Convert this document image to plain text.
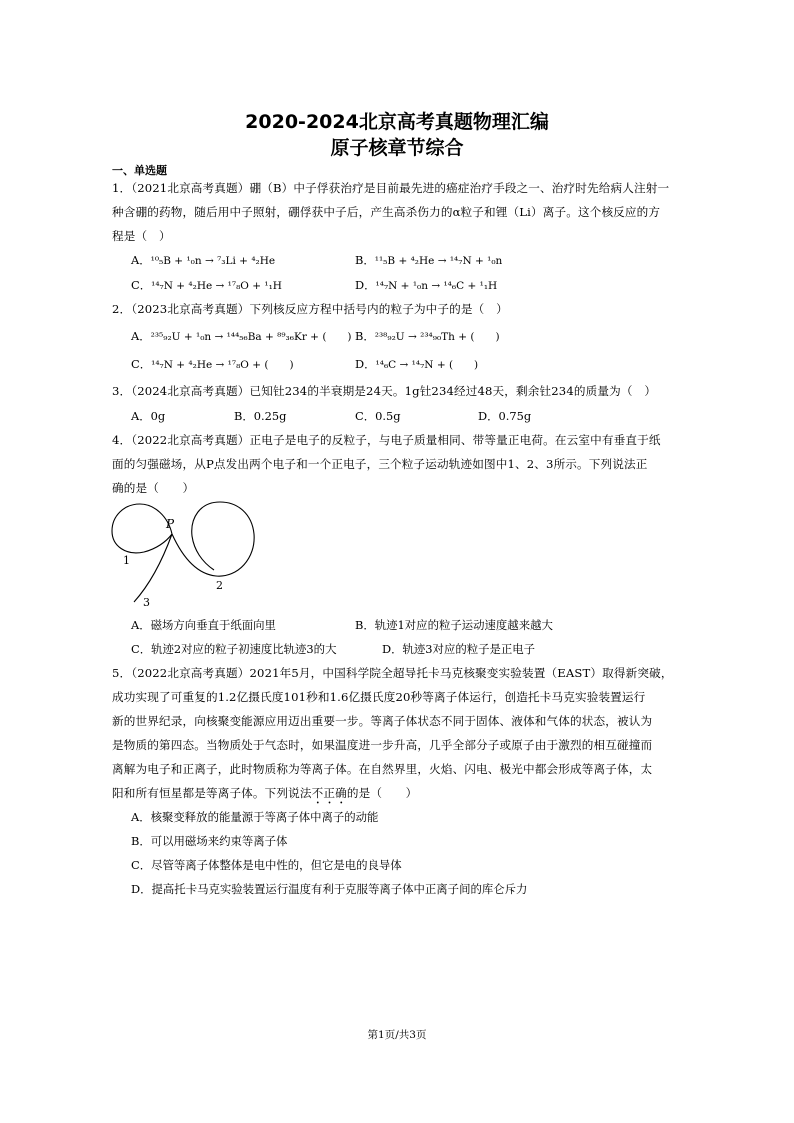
2020-2024北京高考真题物理汇编
原子核章节综合
一、单选题
1．（2021北京高考真题）硼（B）中子俘获治疗是目前最先进的癌症治疗手段之一、治疗时先给病人注射一
种含硼的药物，随后用中子照射，硼俘获中子后，产生高杀伤力的α粒子和锂（Li）离子。这个核反应的方
程是（　）
A．¹⁰₅B + ¹₀n → ⁷₃Li + ⁴₂He	B．¹¹₅B + ⁴₂He → ¹⁴₇N + ¹₀n
C．¹⁴₇N + ⁴₂He → ¹⁷₈O + ¹₁H	D．¹⁴₇N + ¹₀n → ¹⁴₆C + ¹₁H
2．（2023北京高考真题）下列核反应方程中括号内的粒子为中子的是（　）
A．²³⁵₉₂U + ¹₀n → ¹⁴⁴₅₆Ba + ⁸⁹₃₆Kr + (　　) B．²³⁸₉₂U → ²³⁴₉₀Th + (　　)
C．¹⁴₇N + ⁴₂He → ¹⁷₈O + (　　)	D．¹⁴₆C → ¹⁴₇N + (　　)
3．（2024北京高考真题）已知钍234的半衰期是24天。1g钍234经过48天，剩余钍234的质量为（　）
A．0g	B．0.25g	C．0.5g	D．0.75g
4．（2022北京高考真题）正电子是电子的反粒子，与电子质量相同、带等量正电荷。在云室中有垂直于纸
面的匀强磁场，从P点发出两个电子和一个正电子，三个粒子运动轨迹如图中1、2、3所示。下列说法正
确的是（　　）
P
1
2
3
A．磁场方向垂直于纸面向里	B．轨迹1对应的粒子运动速度越来越大
C．轨迹2对应的粒子初速度比轨迹3的大	D．轨迹3对应的粒子是正电子
5．（2022北京高考真题）2021年5月，中国科学院全超导托卡马克核聚变实验装置（EAST）取得新突破，
成功实现了可重复的1.2亿摄氏度101秒和1.6亿摄氏度20秒等离子体运行，创造托卡马克实验装置运行
新的世界纪录，向核聚变能源应用迈出重要一步。等离子体状态不同于固体、液体和气体的状态，被认为
是物质的第四态。当物质处于气态时，如果温度进一步升高，几乎全部分子或原子由于激烈的相互碰撞而
离解为电子和正离子，此时物质称为等离子体。在自然界里，火焰、闪电、极光中都会形成等离子体，太
阳和所有恒星都是等离子体。下列说法不正确的是（　　）
A．核聚变释放的能量源于等离子体中离子的动能
B．可以用磁场来约束等离子体
C．尽管等离子体整体是电中性的，但它是电的良导体
D．提高托卡马克实验装置运行温度有利于克服等离子体中正离子间的库仑斥力
第1页/共3页
